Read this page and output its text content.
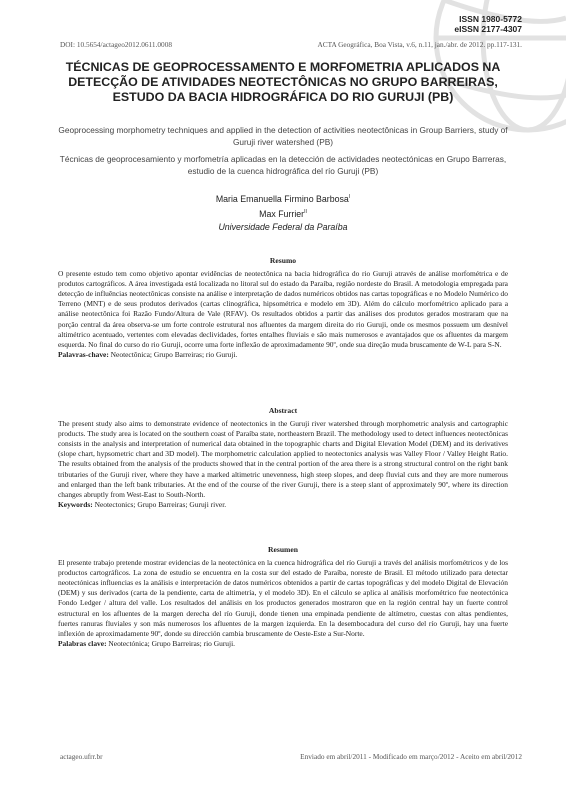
ISSN 1980-5772
eISSN 2177-4307
DOI: 10.5654/actageo2012.0611.0008	ACTA Geográfica, Boa Vista, v.6, n.11, jan./abr. de 2012. pp.117-131.
TÉCNICAS DE GEOPROCESSAMENTO E MORFOMETRIA APLICADOS NA DETECÇÃO DE ATIVIDADES NEOTECTÔNICAS NO GRUPO BARREIRAS, ESTUDO DA BACIA HIDROGRÁFICA DO RIO GURUJI (PB)
Geoprocessing morphometry techniques and applied in the detection of activities neotectônicas in Group Barriers, study of Guruji river watershed (PB)
Técnicas de geoprocesamiento y morfometría aplicadas en la detección de actividades neotectónicas en Grupo Barreras, estudio de la cuenca hidrográfica del río Guruji (PB)
Maria Emanuella Firmino Barbosa$^I$
Max Furrier$^{II}$
Universidade Federal da Paraíba
Resumo

O presente estudo tem como objetivo apontar evidências de neotectônica na bacia hidrográfica do rio Guruji através de análise morfométrica e de produtos cartográficos. A área investigada está localizada no litoral sul do estado da Paraíba, região nordeste do Brasil. A metodologia empregada para detecção de influências neotectônicas consiste na análise e interpretação de dados numéricos obtidos nas cartas topográficas e no Modelo Numérico do Terreno (MNT) e de seus produtos derivados (cartas clinográfica, hipsométrica e modelo em 3D). Além do cálculo morfométrico aplicado para a análise neotectônica foi Razão Fundo/Altura de Vale (RFAV). Os resultados obtidos a partir das análises dos produtos gerados mostraram que na porção central da área observa-se um forte controle estrutural nos afluentes da margem direita do rio Guruji, onde os mesmos possuem um desnível altimétrico acentuado, vertentes com elevadas declividades, fortes entalhes fluviais e são mais numerosos e avantajados que os afluentes da margem esquerda. No final do curso do rio Guruji, ocorre uma forte inflexão de aproximadamente 90º, onde sua direção muda bruscamente de W-L para S-N.

Palavras-chave: Neotectônica; Grupo Barreiras; rio Guruji.

Abstract

The present study also aims to demonstrate evidence of neotectonics in the Guruji river watershed through morphometric analysis and cartographic products. The study area is located on the southern coast of Paraíba state, northeastern Brazil. The methodology used to detect influences neotectônicas consists in the analysis and interpretation of numerical data obtained in the topographic charts and Digital Elevation Model (DEM) and its derivatives (slope chart, hypsometric chart and 3D model). The morphometric calculation applied to neotectonics analysis was Valley Floor / Valley Height Ratio. The results obtained from the analysis of the products showed that in the central portion of the area there is a strong structural control on the right bank tributaries of the Guruji river, where they have a marked altimetric unevenness, high steep slopes, and deep fluvial cuts and they are more numerous and enlarged than the left bank tributaries. At the end of the course of the river Guruji, there is a steep slant of approximately 90º, where its direction changes abruptly from West-East to South-North.

Keywords: Neotectonics; Grupo Barreiras; Guruji river.

Resumen

El presente trabajo pretende mostrar evidencias de la neotectónica en la cuenca hidrográfica del río Guruji a través del análisis morfométricos y de los productos cartográficos. La zona de estudio se encuentra en la costa sur del estado de Paraíba, noreste de Brasil. El método utilizado para detectar neotectónicas influencias es la análisis e interpretación de datos numéricos obtenidos a partir de cartas topográficas y del modelo Digital de Elevación (DEM) y sus derivados (carta de la pendiente, carta de altimetría, y el modelo 3D). En el cálculo se aplica al análisis morfométrico fue neotectónica Fondo Ledger / altura del valle. Los resultados del análisis en los productos generados mostraron que en la región central hay un fuerte control estructural en los afluentes de la margen derecha del río Guruji, donde tienen una empinada pendiente de altímetro, cuestas con altas pendientes, fuertes ranuras fluviales y son más numerosos los afluentes de la margen izquierda. En la desembocadura del curso del río Guruji, hay una fuerte inflexión de aproximadamente 90º, donde su dirección cambia bruscamente de Oeste-Este a Sur-Norte.

Palabras clave: Neotectónica; Grupo Barreiras; rio Guruji.

actageo.ufrr.br	Enviado em abril/2011 - Modificado em março/2012 - Aceito em abril/2012
